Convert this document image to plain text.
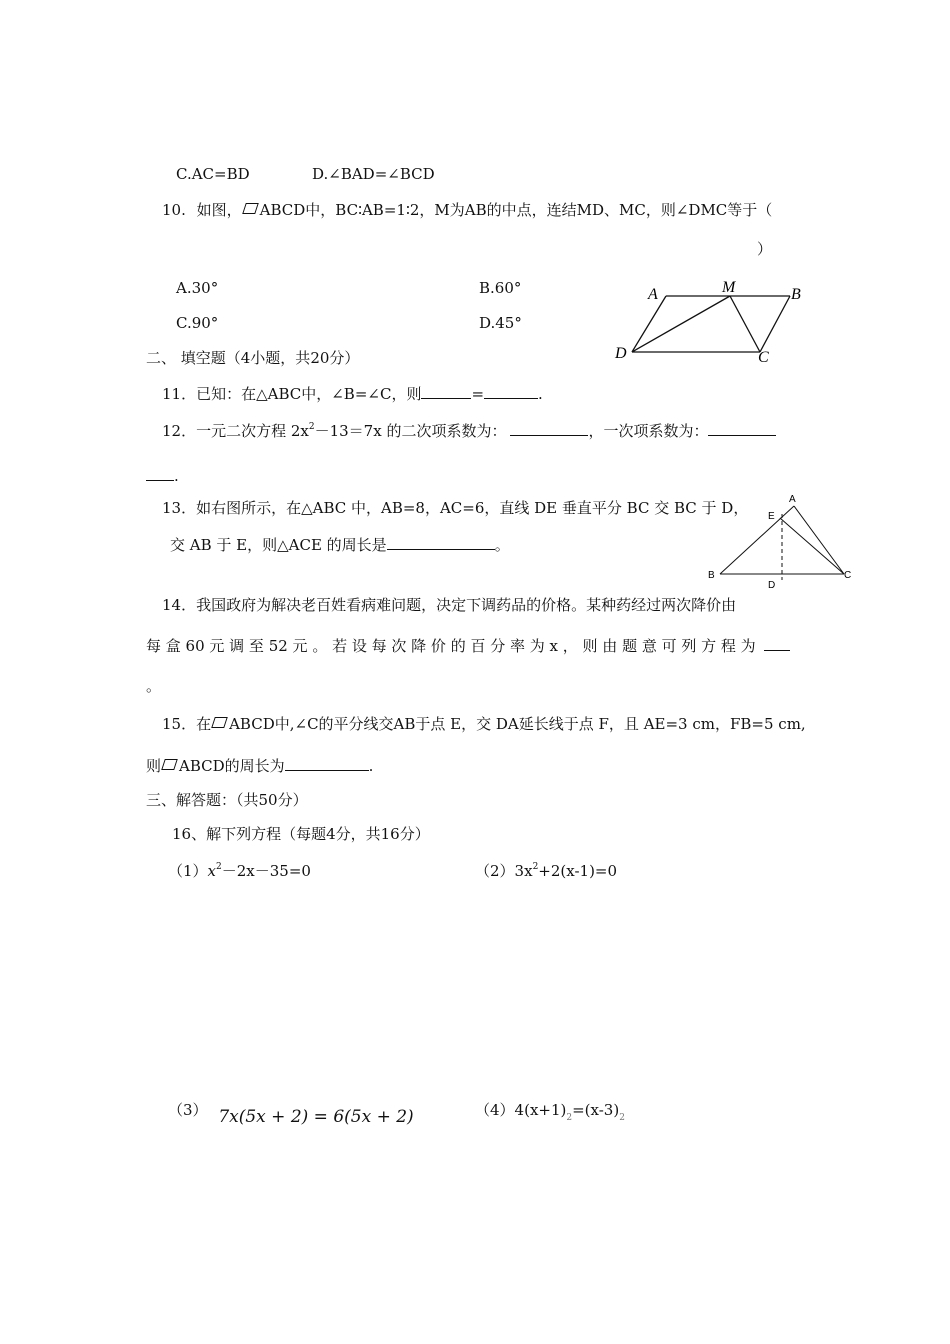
C.AC=BD	D.∠BAD=∠BCD
10. 如图， ABCD中，BC∶AB=1∶2，M为AB的中点，连结MD、MC，则∠DMC等于（
）
A.30°	B.60°
C.90°	D.45°
A	M	B
D	C
二、 填空题（4小题，共20分）
11．已知：在△ABC中，∠B=∠C，则	=	.
12．一元二次方程 $2x^2-13=7x$ 的二次项系数为：	，一次项系数为：
.
13．如右图所示，在△ABC 中，AB=8，AC=6，直线 DE 垂直平分 BC 交 BC 于 D，
交 AB 于 E，则△ACE 的周长是	。
A
E
B
D
C
14．我国政府为解决老百姓看病难问题，决定下调药品的价格。某种药经过两次降价由
每 盒 60 元 调 至 52 元 。 若 设 每 次 降 价 的 百 分 率 为 x ， 则 由 题 意 可 列 方 程 为
。
15．在 ABCD中,∠C的平分线交AB于点 E，交 DA延长线于点 F，且 AE=3 cm，FB=5 cm,
则 ABCD的周长为	.
三、解答题：（共50分）
16、解下列方程（每题4分，共16分）
$(1)x^2-2x-35=0$	$(2)3x^2+2(x-1)=0$
（3） 7x(5x + 2) = 6(5x + 2)	$(4)4(x+1)_2=(x-3)_2$
